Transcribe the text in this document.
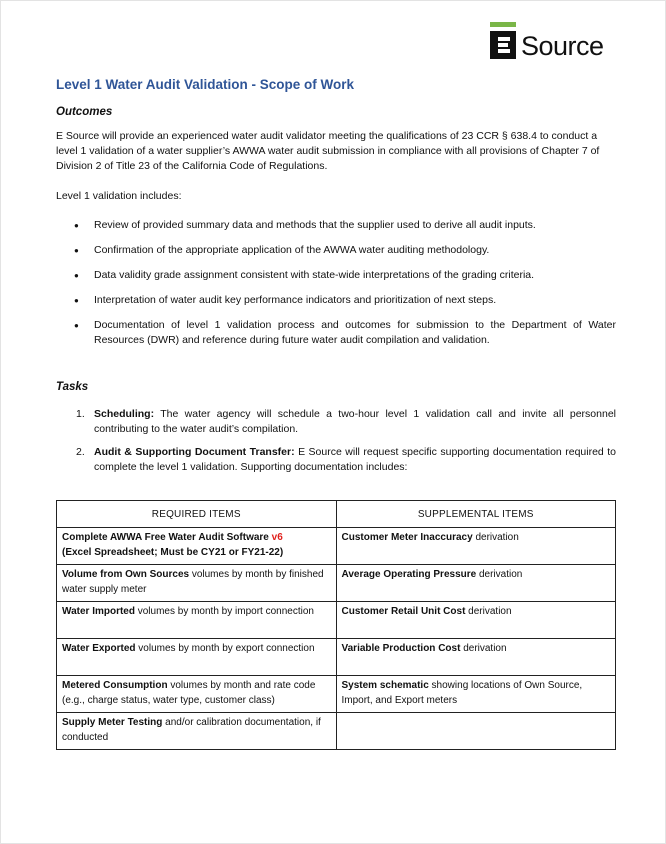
Source
Level 1 Water Audit Validation - Scope of Work
Outcomes

E Source will provide an experienced water audit validator meeting the qualifications of 23 CCR § 638.4 to conduct a level 1 validation of a water supplier’s AWWA water audit submission in compliance with all provisions of Chapter 7 of Division 2 of Title 23 of the California Code of Regulations.

Level 1 validation includes:

● Review of provided summary data and methods that the supplier used to derive all audit inputs.
● Confirmation of the appropriate application of the AWWA water auditing methodology.
● Data validity grade assignment consistent with state-wide interpretations of the grading criteria.
● Interpretation of water audit key performance indicators and prioritization of next steps.
● Documentation of level 1 validation process and outcomes for submission to the Department of Water Resources (DWR) and reference during future water audit compilation and validation.
Tasks
1. Scheduling: The water agency will schedule a two-hour level 1 validation call and invite all personnel contributing to the water audit’s compilation.
2. Audit & Supporting Document Transfer: E Source will request specific supporting documentation required to complete the level 1 validation. Supporting documentation includes:
REQUIRED ITEMS	SUPPLEMENTAL ITEMS
Complete AWWA Free Water Audit Software v6
(Excel Spreadsheet; Must be CY21 or FY21-22)	Customer Meter Inaccuracy derivation
Volume from Own Sources volumes by month by finished water supply meter	Average Operating Pressure derivation
Water Imported volumes by month by import connection	Customer Retail Unit Cost derivation
Water Exported volumes by month by export connection	Variable Production Cost derivation
Metered Consumption volumes by month and rate code (e.g., charge status, water type, customer class)	System schematic showing locations of Own Source, Import, and Export meters
Supply Meter Testing and/or calibration documentation, if conducted	
